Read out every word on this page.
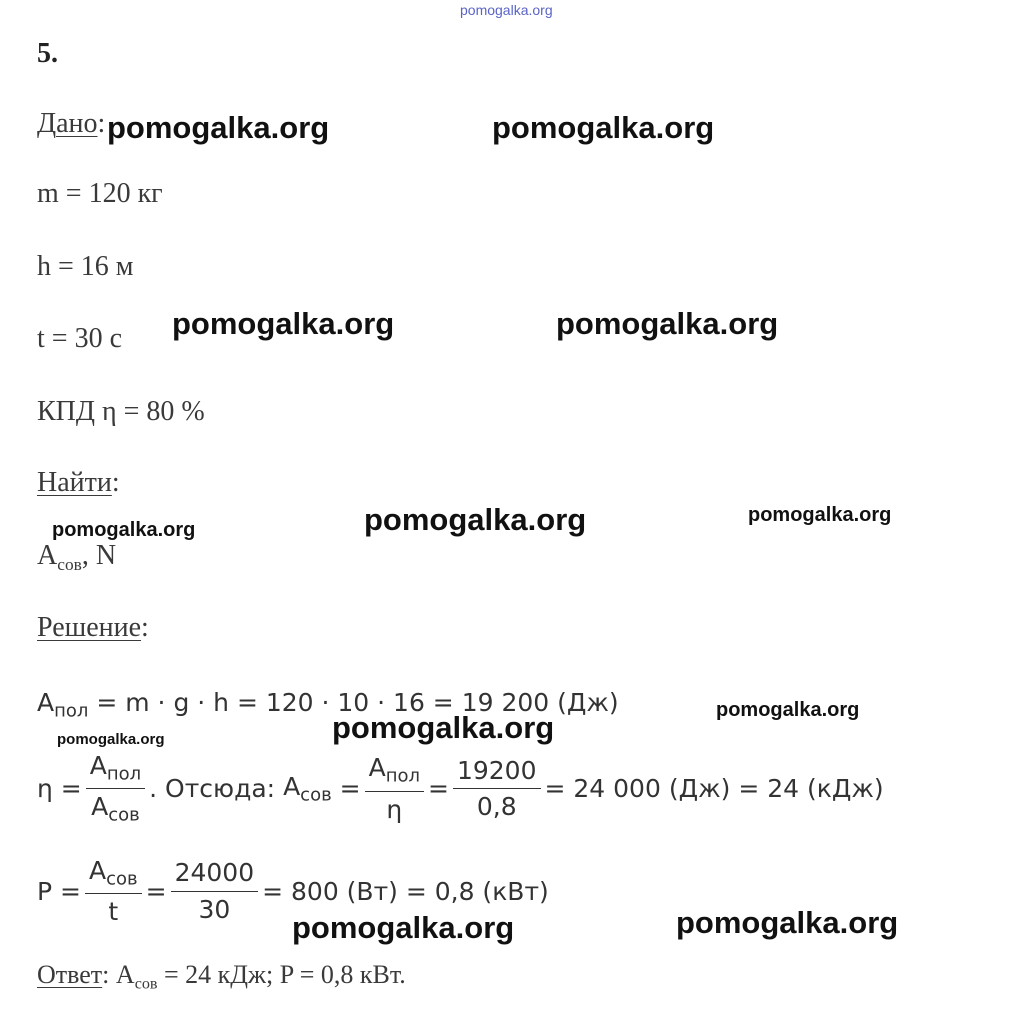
pomogalka.org
5.
Дано:
m = 120 кг
h = 16 м
t = 30 с
КПД η = 80 %
Найти:
$A_{сов}$, N
Решение:
$A_{пол} = m \cdot g \cdot h = 120 \cdot 10 \cdot 16 = 19$ 200 (Дж)
$\eta = \frac{A_{пол}}{A_{сов}}$ . Отсюда: $A_{сов} = \frac{A_{пол}}{\eta} = \frac{19200}{0,8} = 24$ 000 (Дж) = 24 (кДж)
$P = \frac{A_{сов}}{t} = \frac{24000}{30} = 800$ (Вт) = 0,8 (кВт)
Ответ: $A_{сов} = 24$ кДж; P = 0,8 кВт.
pomogalka.org	pomogalka.org
pomogalka.org	pomogalka.org
pomogalka.org	pomogalka.org	pomogalka.org
pomogalka.org	pomogalka.org
pomogalka.org
pomogalka.org	pomogalka.org
